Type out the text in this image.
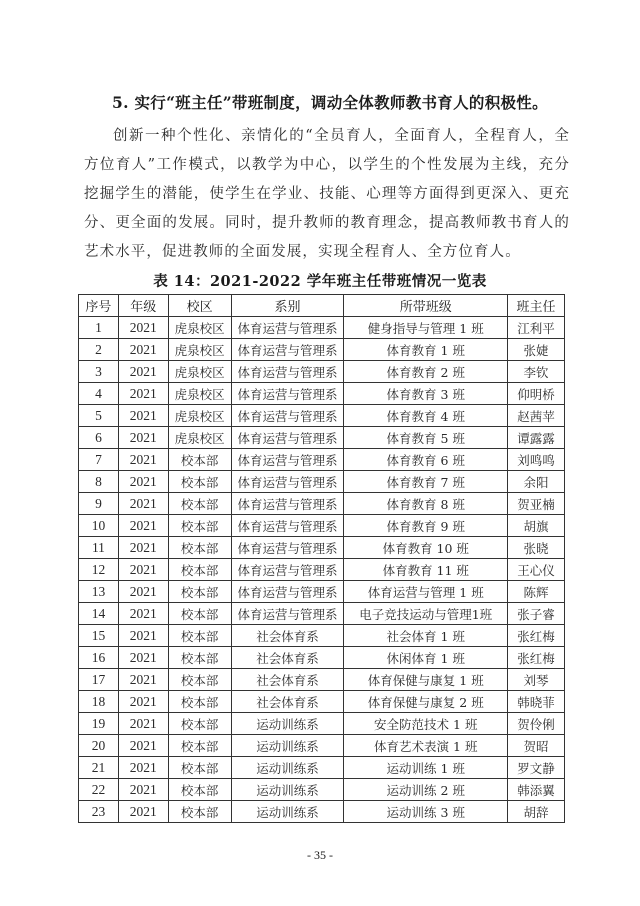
5. 实行“班主任”带班制度，调动全体教师教书育人的积极性。
创新一种个性化、亲情化的“全员育人，全面育人，全程育人，全方位育人”工作模式，以教学为中心，以学生的个性发展为主线，充分挖掘学生的潜能，使学生在学业、技能、心理等方面得到更深入、更充分、更全面的发展。同时，提升教师的教育理念，提高教师教书育人的艺术水平，促进教师的全面发展，实现全程育人、全方位育人。
表 14：2021-2022 学年班主任带班情况一览表
序号	年级	校区	系别	所带班级	班主任
1	2021	虎泉校区	体育运营与管理系	健身指导与管理 1 班	江利平
2	2021	虎泉校区	体育运营与管理系	体育教育 1 班	张婕
3	2021	虎泉校区	体育运营与管理系	体育教育 2 班	李钦
4	2021	虎泉校区	体育运营与管理系	体育教育 3 班	仰明桥
5	2021	虎泉校区	体育运营与管理系	体育教育 4 班	赵茜苹
6	2021	虎泉校区	体育运营与管理系	体育教育 5 班	谭露露
7	2021	校本部	体育运营与管理系	体育教育 6 班	刘鸣鸣
8	2021	校本部	体育运营与管理系	体育教育 7 班	余阳
9	2021	校本部	体育运营与管理系	体育教育 8 班	贺亚楠
10	2021	校本部	体育运营与管理系	体育教育 9 班	胡旗
11	2021	校本部	体育运营与管理系	体育教育 10 班	张晓
12	2021	校本部	体育运营与管理系	体育教育 11 班	王心仪
13	2021	校本部	体育运营与管理系	体育运营与管理 1 班	陈辉
14	2021	校本部	体育运营与管理系	电子竞技运动与管理1班	张子睿
15	2021	校本部	社会体育系	社会体育 1 班	张红梅
16	2021	校本部	社会体育系	休闲体育 1 班	张红梅
17	2021	校本部	社会体育系	体育保健与康复 1 班	刘琴
18	2021	校本部	社会体育系	体育保健与康复 2 班	韩晓菲
19	2021	校本部	运动训练系	安全防范技术 1 班	贺伶俐
20	2021	校本部	运动训练系	体育艺术表演 1 班	贺昭
21	2021	校本部	运动训练系	运动训练 1 班	罗文静
22	2021	校本部	运动训练系	运动训练 2 班	韩添翼
23	2021	校本部	运动训练系	运动训练 3 班	胡辞
- 35 -
